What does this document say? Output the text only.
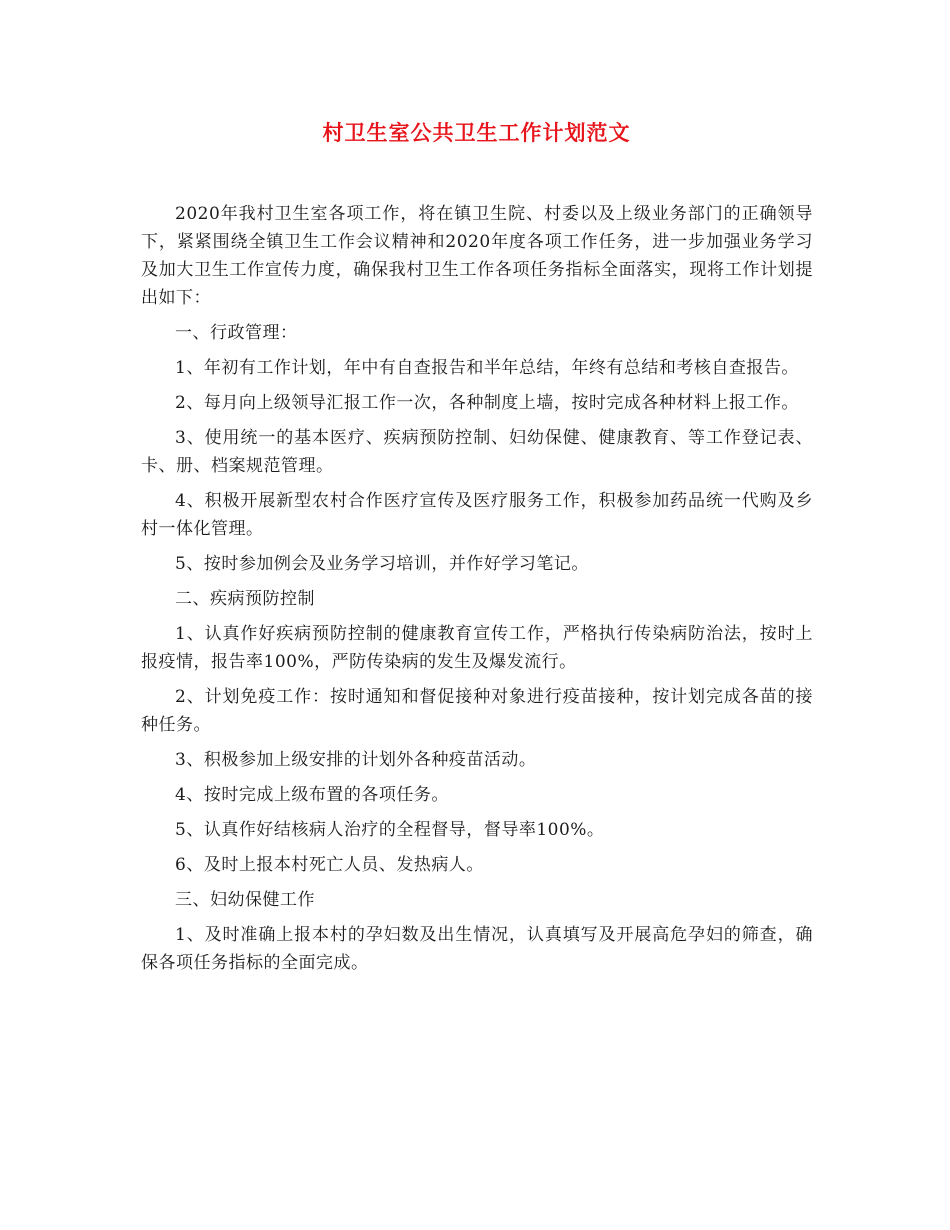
村卫生室公共卫生工作计划范文

2020年我村卫生室各项工作，将在镇卫生院、村委以及上级业务部门的正确领导下，紧紧围绕全镇卫生工作会议精神和2020年度各项工作任务，进一步加强业务学习及加大卫生工作宣传力度，确保我村卫生工作各项任务指标全面落实，现将工作计划提出如下：

一、行政管理：

1、年初有工作计划，年中有自查报告和半年总结，年终有总结和考核自查报告。

2、每月向上级领导汇报工作一次，各种制度上墙，按时完成各种材料上报工作。

3、使用统一的基本医疗、疾病预防控制、妇幼保健、健康教育、等工作登记表、卡、册、档案规范管理。

4、积极开展新型农村合作医疗宣传及医疗服务工作，积极参加药品统一代购及乡村一体化管理。

5、按时参加例会及业务学习培训，并作好学习笔记。

二、疾病预防控制

1、认真作好疾病预防控制的健康教育宣传工作，严格执行传染病防治法，按时上报疫情，报告率100%，严防传染病的发生及爆发流行。

2、计划免疫工作：按时通知和督促接种对象进行疫苗接种，按计划完成各苗的接种任务。

3、积极参加上级安排的计划外各种疫苗活动。

4、按时完成上级布置的各项任务。

5、认真作好结核病人治疗的全程督导，督导率100%。

6、及时上报本村死亡人员、发热病人。

三、妇幼保健工作

1、及时准确上报本村的孕妇数及出生情况，认真填写及开展高危孕妇的筛查，确保各项任务指标的全面完成。
